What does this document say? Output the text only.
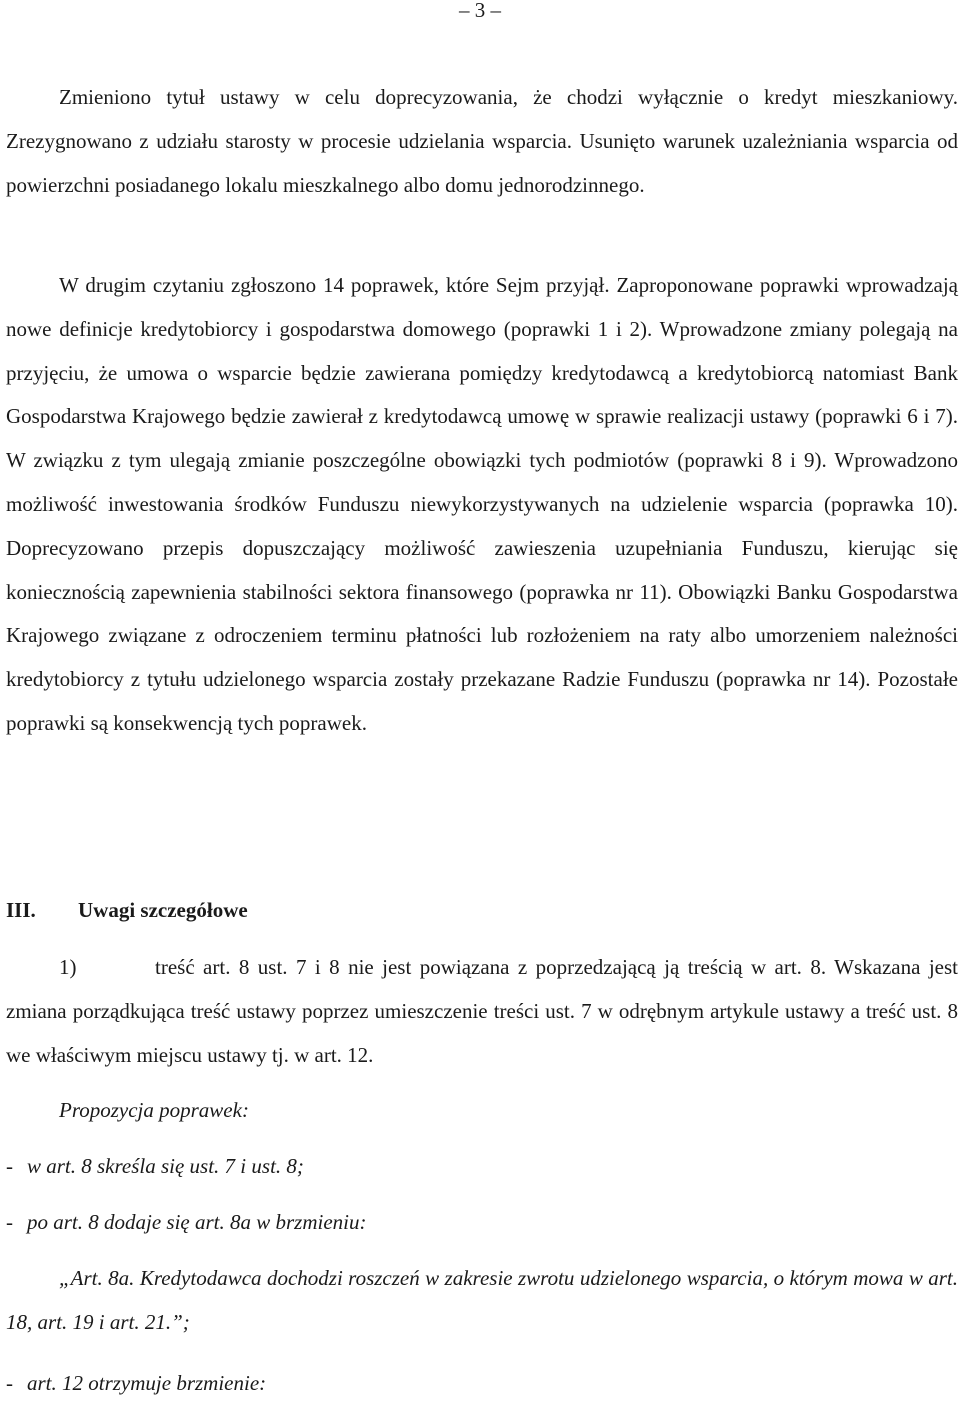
– 3 –

Zmieniono tytuł ustawy w celu doprecyzowania, że chodzi wyłącznie o kredyt mieszkaniowy. Zrezygnowano z udziału starosty w procesie udzielania wsparcia. Usunięto warunek uzależniania wsparcia od powierzchni posiadanego lokalu mieszkalnego albo domu jednorodzinnego.

W drugim czytaniu zgłoszono 14 poprawek, które Sejm przyjął. Zaproponowane poprawki wprowadzają nowe definicje kredytobiorcy i gospodarstwa domowego (poprawki 1 i 2). Wprowadzone zmiany polegają na przyjęciu, że umowa o wsparcie będzie zawierana pomiędzy kredytodawcą a kredytobiorcą natomiast Bank Gospodarstwa Krajowego będzie zawierał z kredytodawcą umowę w sprawie realizacji ustawy (poprawki 6 i 7). W związku z tym ulegają zmianie poszczególne obowiązki tych podmiotów (poprawki 8 i 9). Wprowadzono możliwość inwestowania środków Funduszu niewykorzystywanych na udzielenie wsparcia (poprawka 10). Doprecyzowano przepis dopuszczający możliwość zawieszenia uzupełniania Funduszu, kierując się koniecznością zapewnienia stabilności sektora finansowego (poprawka nr 11). Obowiązki Banku Gospodarstwa Krajowego związane z odroczeniem terminu płatności lub rozłożeniem na raty albo umorzeniem należności kredytobiorcy z tytułu udzielonego wsparcia zostały przekazane Radzie Funduszu (poprawka nr 14). Pozostałe poprawki są konsekwencją tych poprawek.

III. Uwagi szczegółowe

1)	treść art. 8 ust. 7 i 8 nie jest powiązana z poprzedzającą ją treścią w art. 8. Wskazana jest zmiana porządkująca treść ustawy poprzez umieszczenie treści ust. 7 w odrębnym artykule ustawy a treść ust. 8 we właściwym miejscu ustawy tj. w art. 12.

Propozycja poprawek:

- w art. 8 skreśla się ust. 7 i ust. 8;

- po art. 8 dodaje się art. 8a w brzmieniu:

„Art. 8a. Kredytodawca dochodzi roszczeń w zakresie zwrotu udzielonego wsparcia, o którym mowa w art. 18, art. 19 i art. 21.”;

- art. 12 otrzymuje brzmienie:
